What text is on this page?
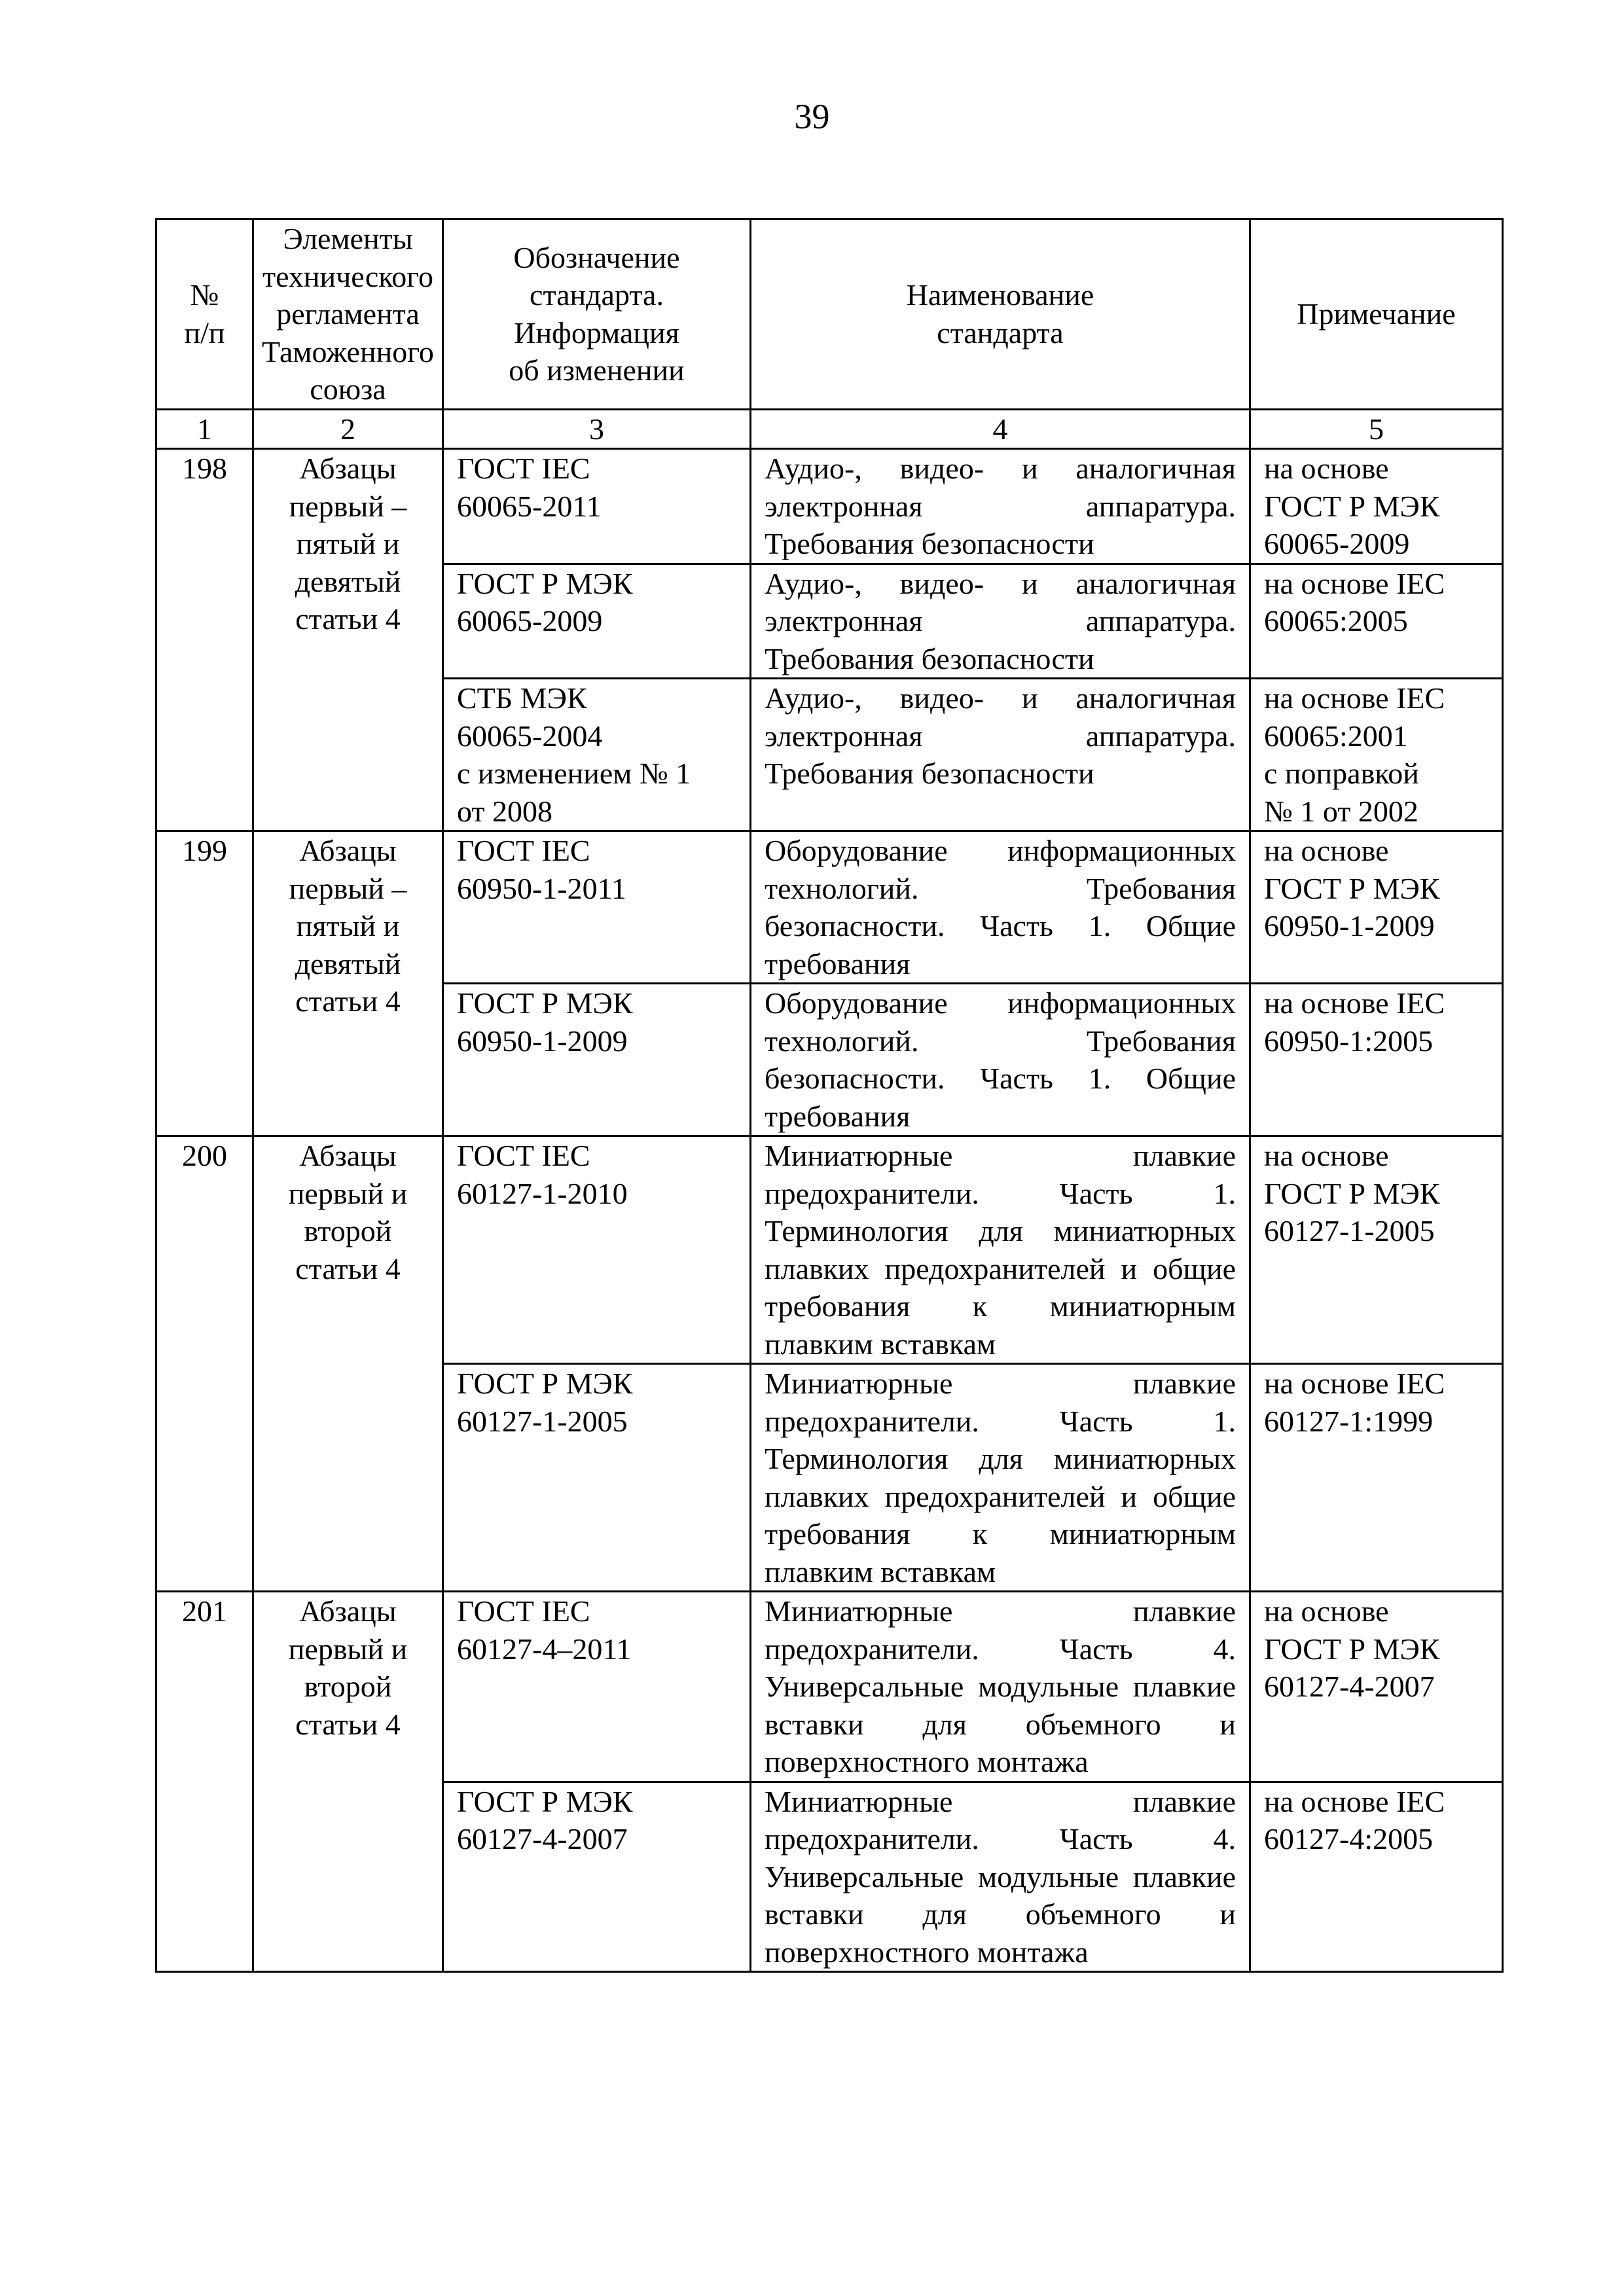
39
№
п/п	Элементы
технического
регламента
Таможенного
союза	Обозначение
стандарта.
Информация
об изменении	Наименование
стандарта	Примечание
1	2	3	4	5
198	Абзацы
первый –
пятый и
девятый
статьи 4	ГОСТ IEC
60065-2011	Аудио-, видео- и аналогичная электронная аппаратура. Требования безопасности	на основе
ГОСТ Р МЭК
60065-2009
		ГОСТ Р МЭК
60065-2009	Аудио-, видео- и аналогичная электронная аппаратура. Требования безопасности	на основе IEC
60065:2005
		СТБ МЭК
60065-2004
с изменением № 1
от 2008	Аудио-, видео- и аналогичная электронная аппаратура. Требования безопасности	на основе IEC
60065:2001
с поправкой
№ 1 от 2002
199	Абзацы
первый –
пятый и
девятый
статьи 4	ГОСТ IEC
60950-1-2011	Оборудование информационных технологий. Требования безопасности. Часть 1. Общие требования	на основе
ГОСТ Р МЭК
60950-1-2009
		ГОСТ Р МЭК
60950-1-2009	Оборудование информационных технологий. Требования безопасности. Часть 1. Общие требования	на основе IEC
60950-1:2005
200	Абзацы
первый и
второй
статьи 4	ГОСТ IEC
60127-1-2010	Миниатюрные плавкие предохранители. Часть 1. Терминология для миниатюрных плавких предохранителей и общие требования к миниатюрным плавким вставкам	на основе
ГОСТ Р МЭК
60127-1-2005
		ГОСТ Р МЭК
60127-1-2005	Миниатюрные плавкие предохранители. Часть 1. Терминология для миниатюрных плавких предохранителей и общие требования к миниатюрным плавким вставкам	на основе IEC
60127-1:1999
201	Абзацы
первый и
второй
статьи 4	ГОСТ IEC
60127-4–2011	Миниатюрные плавкие предохранители. Часть 4. Универсальные модульные плавкие вставки для объемного и поверхностного монтажа	на основе
ГОСТ Р МЭК
60127-4-2007
		ГОСТ Р МЭК
60127-4-2007	Миниатюрные плавкие предохранители. Часть 4. Универсальные модульные плавкие вставки для объемного и поверхностного монтажа	на основе IEC
60127-4:2005
